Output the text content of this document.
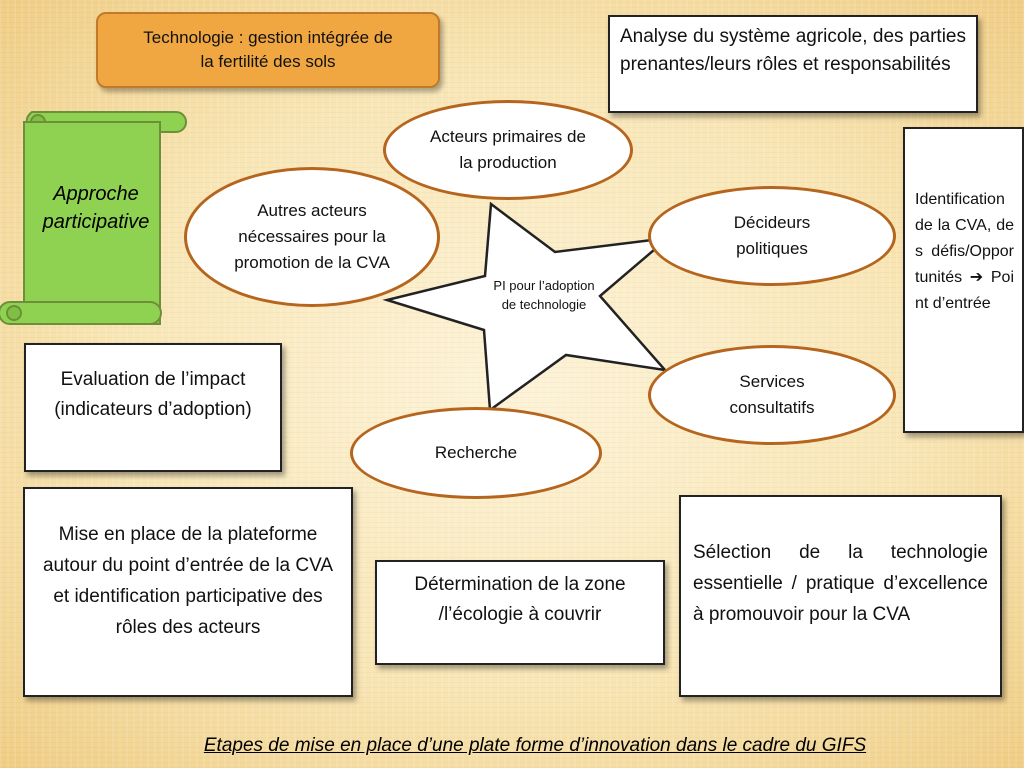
Technologie : gestion intégrée de la fertilité des sols
Approche participative
PI pour l’adoption de technologie
Acteurs primaires de la production
Autres acteurs nécessaires pour la promotion de la CVA
Décideurs politiques
Services consultatifs
Recherche
Analyse du système agricole, des parties prenantes/leurs rôles et responsabilités
Identification de la CVA, des défis/Opportunités ➔ Point d’entrée
Evaluation de l’impact (indicateurs d’adoption)
Mise en place de la plateforme autour du point d’entrée de la CVA et identification participative des rôles des acteurs
Détermination de la zone /l’écologie à couvrir
Sélection de la technologie essentielle / pratique d’excellence à promouvoir pour la CVA
Etapes de mise en place d’une plate forme d’innovation dans le cadre du GIFS
